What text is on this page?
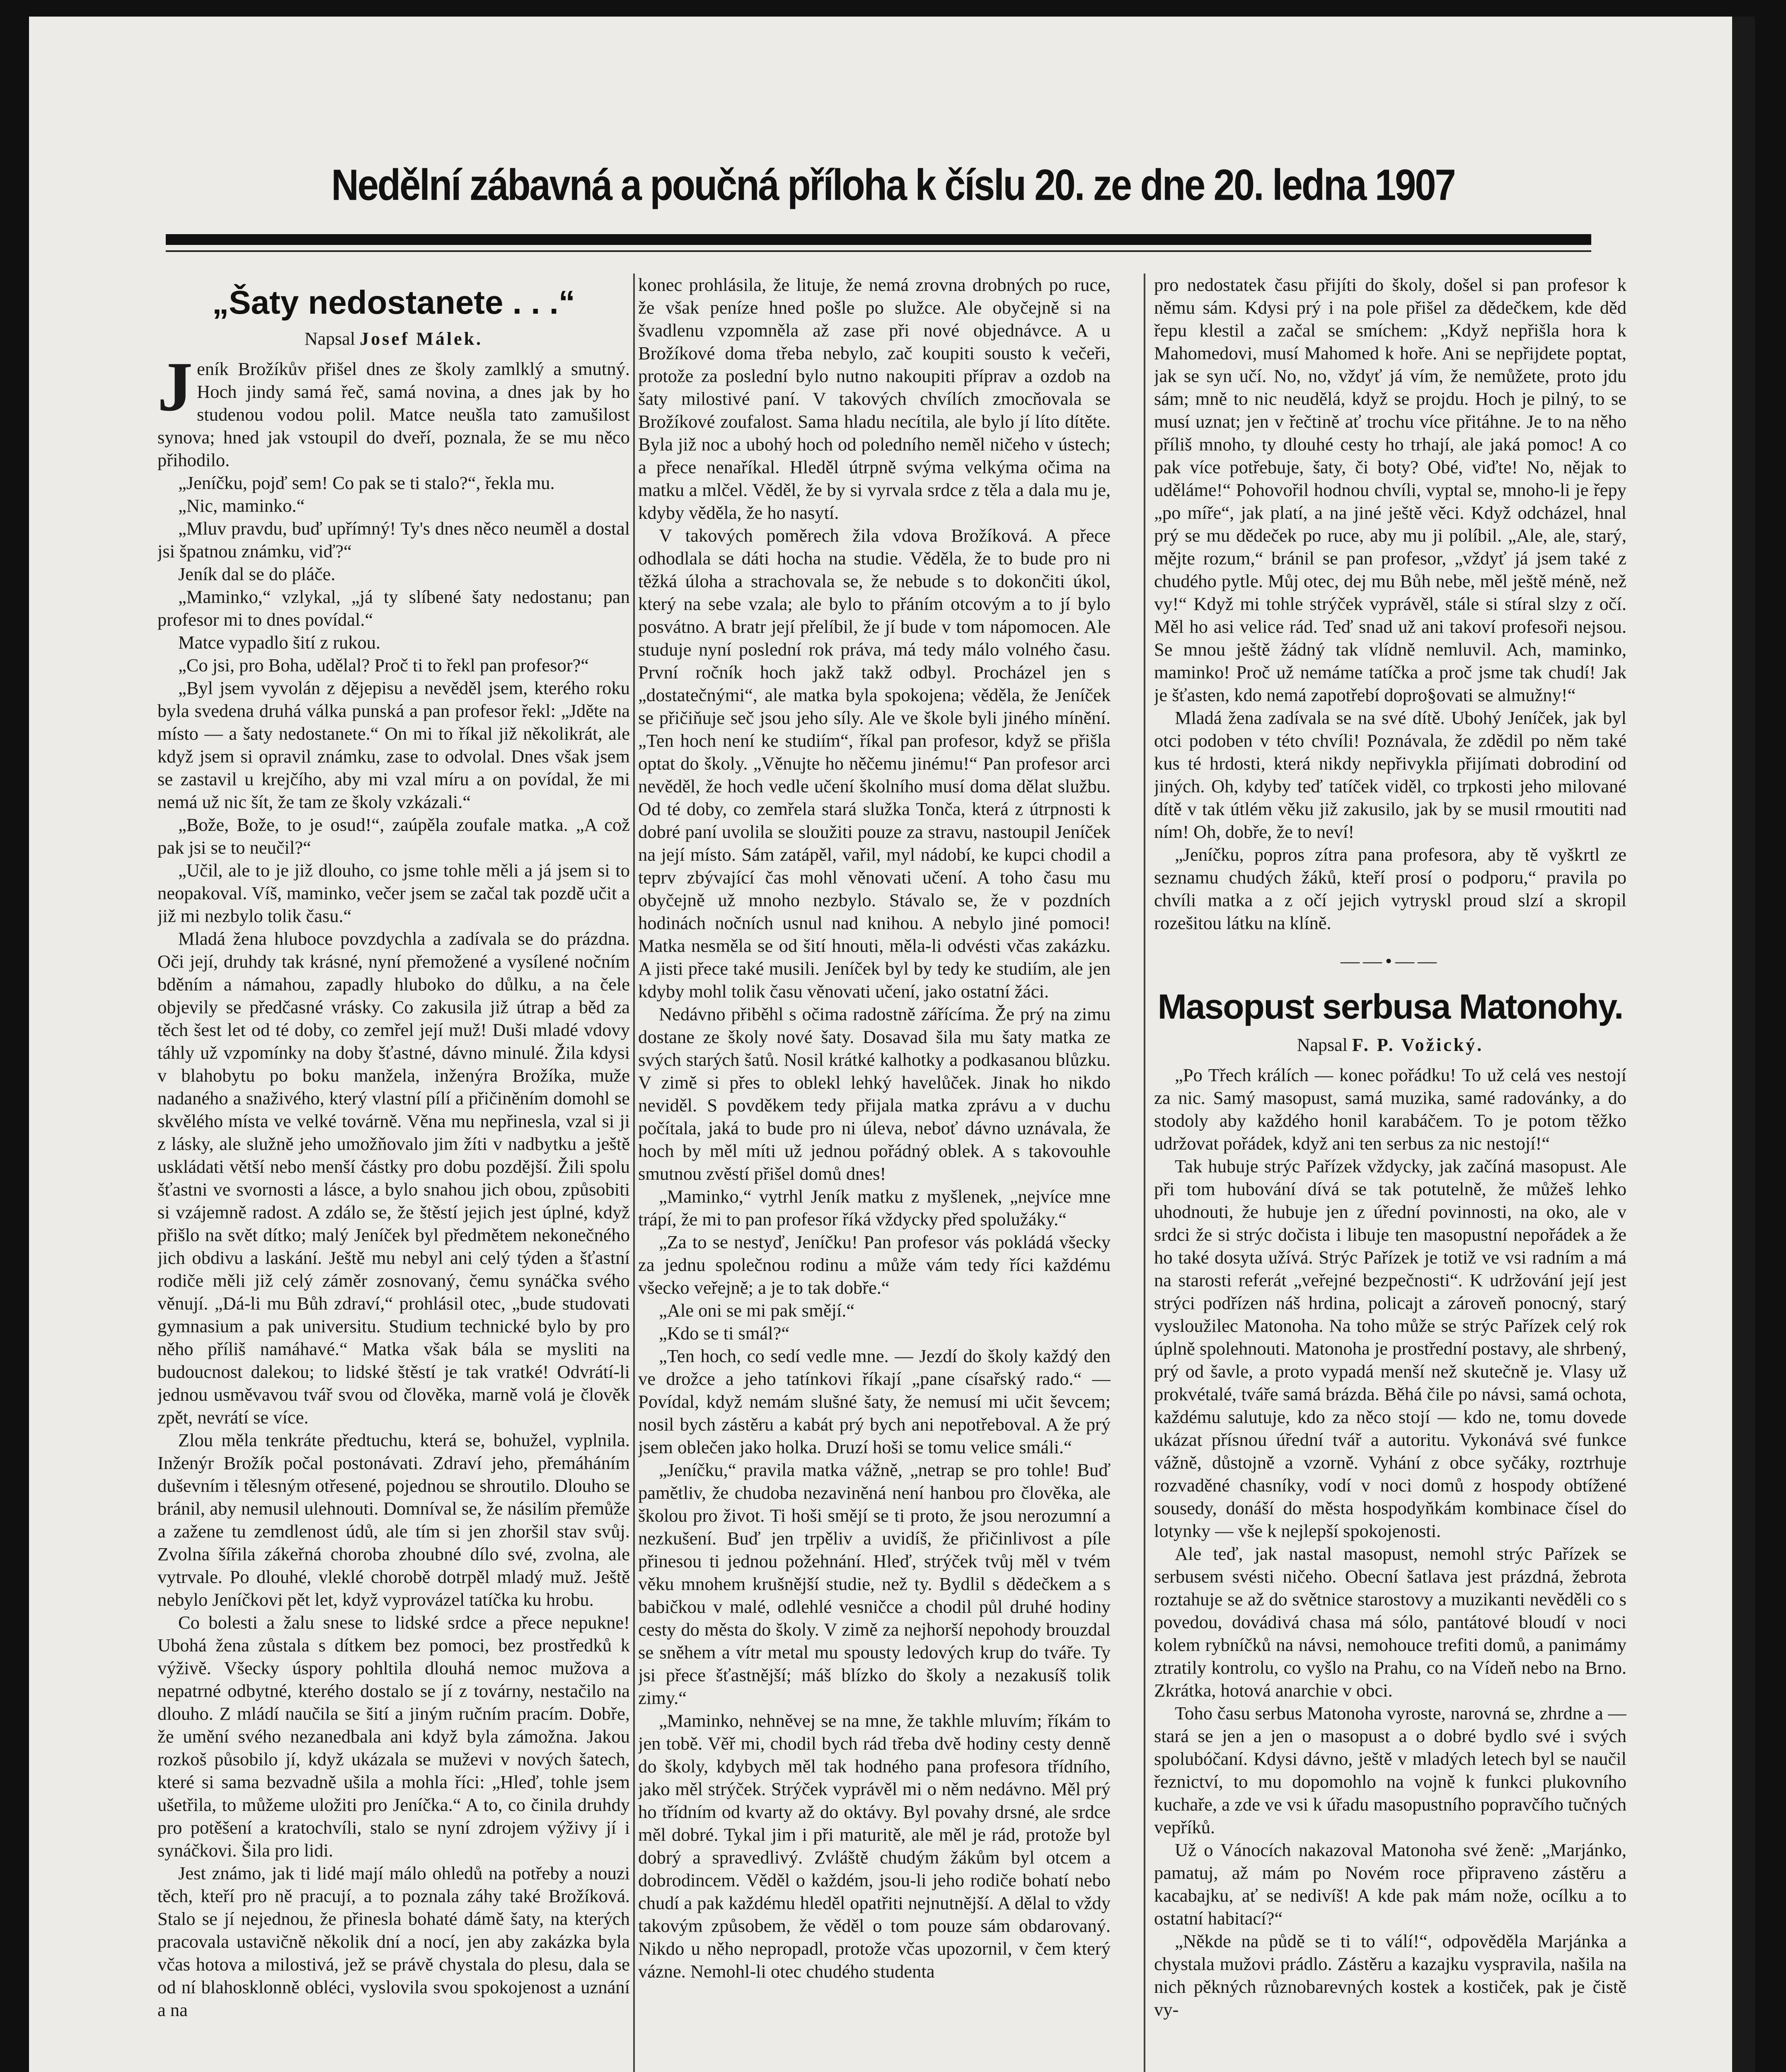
Nedělní zábavná a poučná příloha k číslu 20. ze dne 20. ledna 1907
„Šaty nedostanete . . .“
Napsal Josef Málek.

Jeník Brožíkův přišel dnes ze školy zamlklý a smutný. Hoch jindy samá řeč, samá novina, a dnes jak by ho studenou vodou polil. Matce neušla tato zamušilost synova; hned jak vstoupil do dveří, poznala, že se mu něco přihodilo.

„Jeníčku, pojď sem! Co pak se ti stalo?“, řekla mu.

„Nic, maminko.“

„Mluv pravdu, buď upřímný! Ty's dnes něco neuměl a dostal jsi špatnou známku, viď?“

Jeník dal se do pláče.

„Maminko,“ vzlykal, „já ty slíbené šaty nedostanu; pan profesor mi to dnes povídal.“

Matce vypadlo šití z rukou.

„Co jsi, pro Boha, udělal? Proč ti to řekl pan profesor?“

„Byl jsem vyvolán z dějepisu a nevěděl jsem, kterého roku byla svedena druhá válka punská a pan profesor řekl: „Jděte na místo — a šaty nedostanete.“ On mi to říkal již několikrát, ale když jsem si opravil známku, zase to odvolal. Dnes však jsem se zastavil u krejčího, aby mi vzal míru a on povídal, že mi nemá už nic šít, že tam ze školy vzkázali.“

„Bože, Bože, to je osud!“, zaúpěla zoufale matka. „A což pak jsi se to neučil?“

„Učil, ale to je již dlouho, co jsme tohle měli a já jsem si to neopakoval. Víš, maminko, večer jsem se začal tak pozdě učit a již mi nezbylo tolik času.“

Mladá žena hluboce povzdychla a zadívala se do prázdna. Oči její, druhdy tak krásné, nyní přemožené a vysílené nočním bděním a námahou, zapadly hluboko do důlku, a na čele objevily se předčasné vrásky. Co zakusila již útrap a běd za těch šest let od té doby, co zemřel její muž! Duši mladé vdovy táhly už vzpomínky na doby šťastné, dávno minulé. Žila kdysi v blahobytu po boku manžela, inženýra Brožíka, muže nadaného a snaživého, který vlastní pílí a přičiněním domohl se skvělého místa ve velké továrně. Věna mu nepřinesla, vzal si ji z lásky, ale služně jeho umožňovalo jim žíti v nadbytku a ještě uskládati větší nebo menší částky pro dobu pozdější. Žili spolu šťastni ve svornosti a lásce, a bylo snahou jich obou, způsobiti si vzájemně radost. A zdálo se, že štěstí jejich jest úplné, když přišlo na svět dítko; malý Jeníček byl předmětem nekonečného jich obdivu a laskání. Ještě mu nebyl ani celý týden a šťastní rodiče měli již celý záměr zosnovaný, čemu synáčka svého věnují. „Dá-li mu Bůh zdraví,“ prohlásil otec, „bude studovati gymnasium a pak universitu. Studium technické bylo by pro něho příliš namáhavé.“ Matka však bála se mysliti na budoucnost dalekou; to lidské štěstí je tak vratké! Odvrátí-li jednou usměvavou tvář svou od člověka, marně volá je člověk zpět, nevrátí se více.

Zlou měla tenkráte předtuchu, která se, bohužel, vyplnila. Inženýr Brožík počal postonávati. Zdraví jeho, přemáháním duševním i tělesným otřesené, pojednou se shroutilo. Dlouho se bránil, aby nemusil ulehnouti. Domníval se, že násilím přemůže a zažene tu zemdlenost údů, ale tím si jen zhoršil stav svůj. Zvolna šířila zákeřná choroba zhoubné dílo své, zvolna, ale vytrvale. Po dlouhé, vleklé chorobě dotrpěl mladý muž. Ještě nebylo Jeníčkovi pět let, když vyprovázel tatíčka ku hrobu.

Co bolesti a žalu snese to lidské srdce a přece nepukne! Ubohá žena zůstala s dítkem bez pomoci, bez prostředků k výživě. Všecky úspory pohltila dlouhá nemoc mužova a nepatrné odbytné, kterého dostalo se jí z továrny, nestačilo na dlouho. Z mládí naučila se šití a jiným ručním pracím. Dobře, že umění svého nezanedbala ani když byla zámožna. Jakou rozkoš působilo jí, když ukázala se muževi v nových šatech, které si sama bezvadně ušila a mohla říci: „Hleď, tohle jsem ušetřila, to můžeme uložiti pro Jeníčka.“ A to, co činila druhdy pro potěšení a kratochvíli, stalo se nyní zdrojem výživy jí i synáčkovi. Šila pro lidi.

Jest známo, jak ti lidé mají málo ohledů na potřeby a nouzi těch, kteří pro ně pracují, a to poznala záhy také Brožíková. Stalo se jí nejednou, že přinesla bohaté dámě šaty, na kterých pracovala ustavičně několik dní a nocí, jen aby zakázka byla včas hotova a milostivá, jež se právě chystala do plesu, dala se od ní blahosklonně obléci, vyslovila svou spokojenost a uznání a na

konec prohlásila, že lituje, že nemá zrovna drobných po ruce, že však peníze hned pošle po služce. Ale obyčejně si na švadlenu vzpomněla až zase při nové objednávce. A u Brožíkové doma třeba nebylo, zač koupiti sousto k večeři, protože za poslední bylo nutno nakoupiti příprav a ozdob na šaty milostivé paní. V takových chvílích zmocňovala se Brožíkové zoufalost. Sama hladu necítila, ale bylo jí líto dítěte. Byla již noc a ubohý hoch od poledního neměl ničeho v ústech; a přece nenaříkal. Hleděl útrpně svýma velkýma očima na matku a mlčel. Věděl, že by si vyrvala srdce z těla a dala mu je, kdyby věděla, že ho nasytí.

V takových poměrech žila vdova Brožíková. A přece odhodlala se dáti hocha na studie. Věděla, že to bude pro ni těžká úloha a strachovala se, že nebude s to dokončiti úkol, který na sebe vzala; ale bylo to přáním otcovým a to jí bylo posvátno. A bratr její přelíbil, že jí bude v tom nápomocen. Ale studuje nyní poslední rok práva, má tedy málo volného času. První ročník hoch jakž takž odbyl. Procházel jen s „dostatečnými“, ale matka byla spokojena; věděla, že Jeníček se přičiňuje seč jsou jeho síly. Ale ve škole byli jiného mínění. „Ten hoch není ke studiím“, říkal pan profesor, když se přišla optat do školy. „Věnujte ho něčemu jinému!“ Pan profesor arci nevěděl, že hoch vedle učení školního musí doma dělat službu. Od té doby, co zemřela stará služka Tonča, která z útrpnosti k dobré paní uvolila se sloužiti pouze za stravu, nastoupil Jeníček na její místo. Sám zatápěl, vařil, myl nádobí, ke kupci chodil a teprv zbývající čas mohl věnovati učení. A toho času mu obyčejně už mnoho nezbylo. Stávalo se, že v pozdních hodinách nočních usnul nad knihou. A nebylo jiné pomoci! Matka nesměla se od šití hnouti, měla-li odvésti včas zakázku. A jisti přece také musili. Jeníček byl by tedy ke studiím, ale jen kdyby mohl tolik času věnovati učení, jako ostatní žáci.

Nedávno přiběhl s očima radostně zářícíma. Že prý na zimu dostane ze školy nové šaty. Dosavad šila mu šaty matka ze svých starých šatů. Nosil krátké kalhotky a podkasanou blůzku. V zimě si přes to oblekl lehký havelůček. Jinak ho nikdo neviděl. S povděkem tedy přijala matka zprávu a v duchu počítala, jaká to bude pro ni úleva, neboť dávno uznávala, že hoch by měl míti už jednou pořádný oblek. A s takovouhle smutnou zvěstí přišel domů dnes!

„Maminko,“ vytrhl Jeník matku z myšlenek, „nejvíce mne trápí, že mi to pan profesor říká vždycky před spolužáky.“

„Za to se nestyď, Jeníčku! Pan profesor vás pokládá všecky za jednu společnou rodinu a může vám tedy říci každému všecko veřejně; a je to tak dobře.“

„Ale oni se mi pak smějí.“

„Kdo se ti smál?“

„Ten hoch, co sedí vedle mne. — Jezdí do školy každý den ve drožce a jeho tatínkovi říkají „pane císařský rado.“ — Povídal, když nemám slušné šaty, že nemusí mi učit ševcem; nosil bych zástěru a kabát prý bych ani nepotřeboval. A že prý jsem oblečen jako holka. Druzí hoši se tomu velice smáli.“

„Jeníčku,“ pravila matka vážně, „netrap se pro tohle! Buď pamětliv, že chudoba nezaviněná není hanbou pro člověka, ale školou pro život. Ti hoši smějí se ti proto, že jsou nerozumní a nezkušení. Buď jen trpěliv a uvidíš, že přičinlivost a píle přinesou ti jednou požehnání. Hleď, strýček tvůj měl v tvém věku mnohem krušnější studie, než ty. Bydlil s dědečkem a s babičkou v malé, odlehlé vesničce a chodil půl druhé hodiny cesty do města do školy. V zimě za nejhorší nepohody brouzdal se sněhem a vítr metal mu spousty ledových krup do tváře. Ty jsi přece šťastnější; máš blízko do školy a nezakusíš tolik zimy.“

„Maminko, nehněvej se na mne, že takhle mluvím; říkám to jen tobě. Věř mi, chodil bych rád třeba dvě hodiny cesty denně do školy, kdybych měl tak hodného pana profesora třídního, jako měl strýček. Strýček vyprávěl mi o něm nedávno. Měl prý ho třídním od kvarty až do oktávy. Byl povahy drsné, ale srdce měl dobré. Tykal jim i při maturitě, ale měl je rád, protože byl dobrý a spravedlivý. Zvláště chudým žákům byl otcem a dobrodincem. Věděl o každém, jsou-li jeho rodiče bohatí nebo chudí a pak každému hleděl opatřiti nejnutnější. A dělal to vždy takovým způsobem, že věděl o tom pouze sám obdarovaný. Nikdo u něho nepropadl, protože včas upozornil, v čem který vázne. Nemohl-li otec chudého studenta

pro nedostatek času přijíti do školy, došel si pan profesor k němu sám. Kdysi prý i na pole přišel za dědečkem, kde děd řepu klestil a začal se smíchem: „Když nepřišla hora k Mahomedovi, musí Mahomed k hoře. Ani se nepřijdete poptat, jak se syn učí. No, no, vždyť já vím, že nemůžete, proto jdu sám; mně to nic neudělá, když se projdu. Hoch je pilný, to se musí uznat; jen v řečtině ať trochu více přitáhne. Je to na něho příliš mnoho, ty dlouhé cesty ho trhají, ale jaká pomoc! A co pak více potřebuje, šaty, či boty? Obé, viďte! No, nějak to uděláme!“ Pohovořil hodnou chvíli, vyptal se, mnoho-li je řepy „po míře“, jak platí, a na jiné ještě věci. Když odcházel, hnal prý se mu dědeček po ruce, aby mu ji políbil. „Ale, ale, starý, mějte rozum,“ bránil se pan profesor, „vždyť já jsem také z chudého pytle. Můj otec, dej mu Bůh nebe, měl ještě méně, než vy!“ Když mi tohle strýček vyprávěl, stále si stíral slzy z očí. Měl ho asi velice rád. Teď snad už ani takoví profesoři nejsou. Se mnou ještě žádný tak vlídně nemluvil. Ach, maminko, maminko! Proč už nemáme tatíčka a proč jsme tak chudí! Jak je šťasten, kdo nemá zapotřebí dopro§ovati se almužny!“

Mladá žena zadívala se na své dítě. Ubohý Jeníček, jak byl otci podoben v této chvíli! Poznávala, že zdědil po něm také kus té hrdosti, která nikdy nepřivykla přijímati dobrodiní od jiných. Oh, kdyby teď tatíček viděl, co trpkosti jeho milované dítě v tak útlém věku již zakusilo, jak by se musil rmoutiti nad ním! Oh, dobře, že to neví!

„Jeníčku, popros zítra pana profesora, aby tě vyškrtl ze seznamu chudých žáků, kteří prosí o podporu,“ pravila po chvíli matka a z očí jejich vytryskl proud slzí a skropil rozešitou látku na klíně.

——•——
Masopust serbusa Matonohy.
Napsal F. P. Vožický.

„Po Třech králích — konec pořádku! To už celá ves nestojí za nic. Samý masopust, samá muzika, samé radovánky, a do stodoly aby každého honil karabáčem. To je potom těžko udržovat pořádek, když ani ten serbus za nic nestojí!“

Tak hubuje strýc Pařízek vždycky, jak začíná masopust. Ale při tom hubování dívá se tak potutelně, že můžeš lehko uhodnouti, že hubuje jen z úřední povinnosti, na oko, ale v srdci že si strýc dočista i libuje ten masopustní nepořádek a že ho také dosyta užívá. Strýc Pařízek je totiž ve vsi radním a má na starosti referát „veřejné bezpečnosti“. K udržování její jest strýci podřízen náš hrdina, policajt a zároveň ponocný, starý vysloužilec Matonoha. Na toho může se strýc Pařízek celý rok úplně spolehnouti. Matonoha je prostřední postavy, ale shrbený, prý od šavle, a proto vypadá menší než skutečně je. Vlasy už prokvétalé, tváře samá brázda. Běhá čile po návsi, samá ochota, každému salutuje, kdo za něco stojí — kdo ne, tomu dovede ukázat přísnou úřední tvář a autoritu. Vykonává své funkce vážně, důstojně a vzorně. Vyhání z obce syčáky, roztrhuje rozvaděné chasníky, vodí v noci domů z hospody obtížené sousedy, donáší do města hospodyňkám kombinace čísel do lotynky — vše k nejlepší spokojenosti.

Ale teď, jak nastal masopust, nemohl strýc Pařízek se serbusem svésti ničeho. Obecní šatlava jest prázdná, žebrota roztahuje se až do světnice starostovy a muzikanti nevěděli co s povedou, dovádivá chasa má sólo, pantátové bloudí v noci kolem rybníčků na návsi, nemohouce trefiti domů, a panimámy ztratily kontrolu, co vyšlo na Prahu, co na Vídeň nebo na Brno. Zkrátka, hotová anarchie v obci.

Toho času serbus Matonoha vyroste, narovná se, zhrdne a — stará se jen a jen o masopust a o dobré bydlo své i svých spolubóčaní. Kdysi dávno, ještě v mladých letech byl se naučil řeznictví, to mu dopomohlo na vojně k funkci plukovního kuchaře, a zde ve vsi k úřadu masopustního popravčího tučných vepříků.

Už o Vánocích nakazoval Matonoha své ženě: „Marjánko, pamatuj, až mám po Novém roce připraveno zástěru a kacabajku, ať se nedivíš! A kde pak mám nože, ocílku a to ostatní habitací?“

„Někde na půdě se ti to válí!“, odpověděla Marjánka a chystala mužovi prádlo. Zástěru a kazajku vyspravila, našila na nich pěkných různobarevných kostek a kostiček, pak je čistě vy-
